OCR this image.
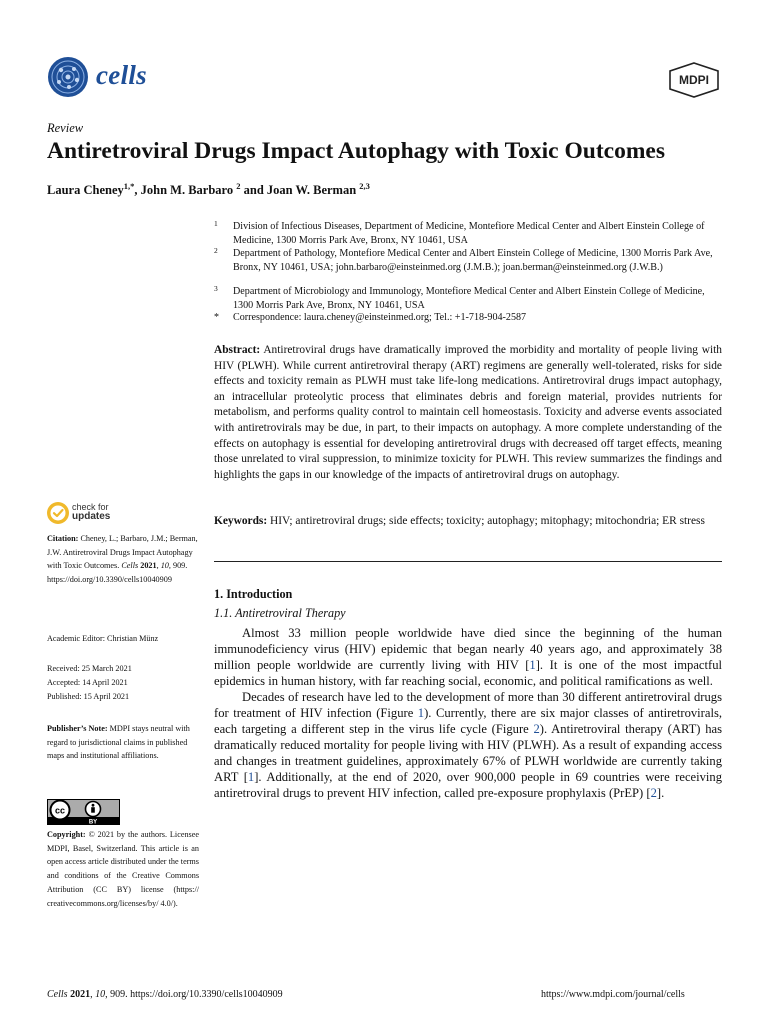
cells	MDPI
Review
Antiretroviral Drugs Impact Autophagy with Toxic Outcomes
Laura Cheney$^{1,*}$, John M. Barbaro $^2$ and Joan W. Berman $^{2,3}$
1 Division of Infectious Diseases, Department of Medicine, Montefiore Medical Center and Albert Einstein College of Medicine, 1300 Morris Park Ave, Bronx, NY 10461, USA
2 Department of Pathology, Montefiore Medical Center and Albert Einstein College of Medicine, 1300 Morris Park Ave, Bronx, NY 10461, USA; john.barbaro@einsteinmed.org (J.M.B.); joan.berman@einsteinmed.org (J.W.B.)
3 Department of Microbiology and Immunology, Montefiore Medical Center and Albert Einstein College of Medicine, 1300 Morris Park Ave, Bronx, NY 10461, USA
* Correspondence: laura.cheney@einsteinmed.org; Tel.: +1-718-904-2587
Abstract: Antiretroviral drugs have dramatically improved the morbidity and mortality of people living with HIV (PLWH). While current antiretroviral therapy (ART) regimens are generally well-tolerated, risks for side effects and toxicity remain as PLWH must take life-long medications. Antiretroviral drugs impact autophagy, an intracellular proteolytic process that eliminates debris and foreign material, provides nutrients for metabolism, and performs quality control to maintain cell homeostasis. Toxicity and adverse events associated with antiretrovirals may be due, in part, to their impacts on autophagy. A more complete understanding of the effects on autophagy is essential for developing antiretroviral drugs with decreased off target effects, meaning those unrelated to viral suppression, to minimize toxicity for PLWH. This review summarizes the findings and highlights the gaps in our knowledge of the impacts of antiretroviral drugs on autophagy.
Keywords: HIV; antiretroviral drugs; side effects; toxicity; autophagy; mitophagy; mitochondria; ER stress
1. Introduction
1.1. Antiretroviral Therapy
Almost 33 million people worldwide have died since the beginning of the human immunodeficiency virus (HIV) epidemic that began nearly 40 years ago, and approximately 38 million people worldwide are currently living with HIV [1]. It is one of the most impactful epidemics in human history, with far reaching social, economic, and political ramifications as well.
Decades of research have led to the development of more than 30 different antiretroviral drugs for treatment of HIV infection (Figure 1). Currently, there are six major classes of antiretrovirals, each targeting a different step in the virus life cycle (Figure 2). Antiretroviral therapy (ART) has dramatically reduced mortality for people living with HIV (PLWH). As a result of expanding access and changes in treatment guidelines, approximately 67% of PLWH worldwide are currently taking ART [1]. Additionally, at the end of 2020, over 900,000 people in 69 countries were receiving antiretroviral drugs to prevent HIV infection, called pre-exposure prophylaxis (PrEP) [2].
check for
updates
Citation: Cheney, L.; Barbaro, J.M.; Berman, J.W. Antiretroviral Drugs Impact Autophagy with Toxic Outcomes. Cells 2021, 10, 909. https://doi.org/10.3390/cells10040909
Academic Editor: Christian Münz
Received: 25 March 2021
Accepted: 14 April 2021
Published: 15 April 2021
Publisher’s Note: MDPI stays neutral with regard to jurisdictional claims in published maps and institutional affiliations.
cc
BY
Copyright: © 2021 by the authors. Licensee MDPI, Basel, Switzerland. This article is an open access article distributed under the terms and conditions of the Creative Commons Attribution (CC BY) license (https:// creativecommons.org/licenses/by/ 4.0/).
Cells 2021, 10, 909. https://doi.org/10.3390/cells10040909	https://www.mdpi.com/journal/cells
